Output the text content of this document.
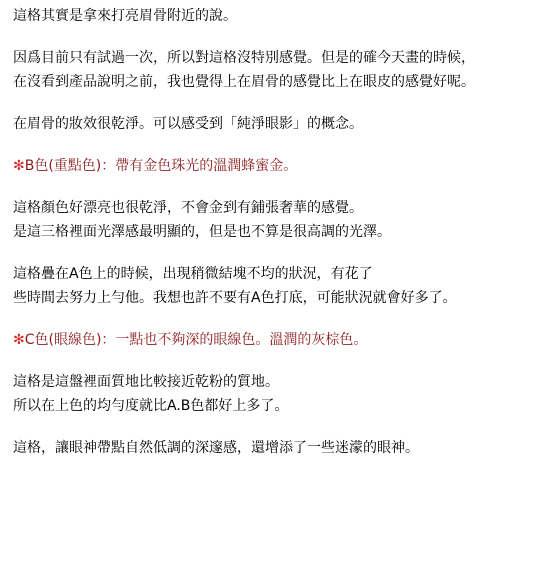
這格其實是拿來打亮眉骨附近的說。
因爲目前只有試過一次，所以對這格沒特別感覺。但是的確今天畫的時候，
在沒看到產品說明之前，我也覺得上在眉骨的感覺比上在眼皮的感覺好呢。
在眉骨的妝效很乾淨。可以感受到「純淨眼影」的概念。
✻B色(重點色)：帶有金色珠光的溫潤蜂蜜金。
這格顏色好漂亮也很乾淨，不會金到有鋪張奢華的感覺。
是這三格裡面光澤感最明顯的，但是也不算是很高調的光澤。
這格疊在A色上的時候，出現稍微結塊不均的狀況，有花了
些時間去努力上勻他。我想也許不要有A色打底，可能狀況就會好多了。
✻C色(眼線色)：一點也不夠深的眼線色。溫潤的灰棕色。
這格是這盤裡面質地比較接近乾粉的質地。
所以在上色的均勻度就比A.B色都好上多了。
這格，讓眼神帶點自然低調的深邃感，還增添了一些迷濛的眼神。
